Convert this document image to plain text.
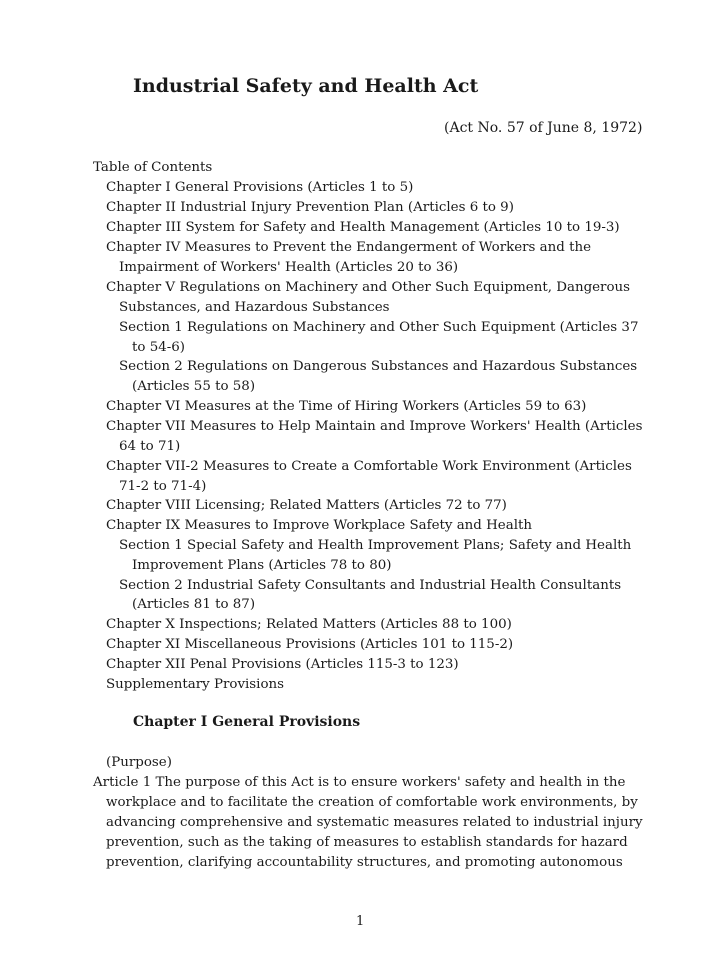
Industrial Safety and Health Act
(Act No. 57 of June 8, 1972)
Table of Contents
Chapter I General Provisions (Articles 1 to 5)
Chapter II Industrial Injury Prevention Plan (Articles 6 to 9)
Chapter III System for Safety and Health Management (Articles 10 to 19-3)
Chapter IV Measures to Prevent the Endangerment of Workers and the
Impairment of Workers' Health (Articles 20 to 36)
Chapter V Regulations on Machinery and Other Such Equipment, Dangerous
Substances, and Hazardous Substances
Section 1 Regulations on Machinery and Other Such Equipment (Articles 37
to 54-6)
Section 2 Regulations on Dangerous Substances and Hazardous Substances
(Articles 55 to 58)
Chapter VI Measures at the Time of Hiring Workers (Articles 59 to 63)
Chapter VII Measures to Help Maintain and Improve Workers' Health (Articles
64 to 71)
Chapter VII-2 Measures to Create a Comfortable Work Environment (Articles
71-2 to 71-4)
Chapter VIII Licensing; Related Matters (Articles 72 to 77)
Chapter IX Measures to Improve Workplace Safety and Health
Section 1 Special Safety and Health Improvement Plans; Safety and Health
Improvement Plans (Articles 78 to 80)
Section 2 Industrial Safety Consultants and Industrial Health Consultants
(Articles 81 to 87)
Chapter X Inspections; Related Matters (Articles 88 to 100)
Chapter XI Miscellaneous Provisions (Articles 101 to 115-2)
Chapter XII Penal Provisions (Articles 115-3 to 123)
Supplementary Provisions
Chapter I General Provisions
(Purpose)
Article 1 The purpose of this Act is to ensure workers' safety and health in the
workplace and to facilitate the creation of comfortable work environments, by
advancing comprehensive and systematic measures related to industrial injury
prevention, such as the taking of measures to establish standards for hazard
prevention, clarifying accountability structures, and promoting autonomous
1
